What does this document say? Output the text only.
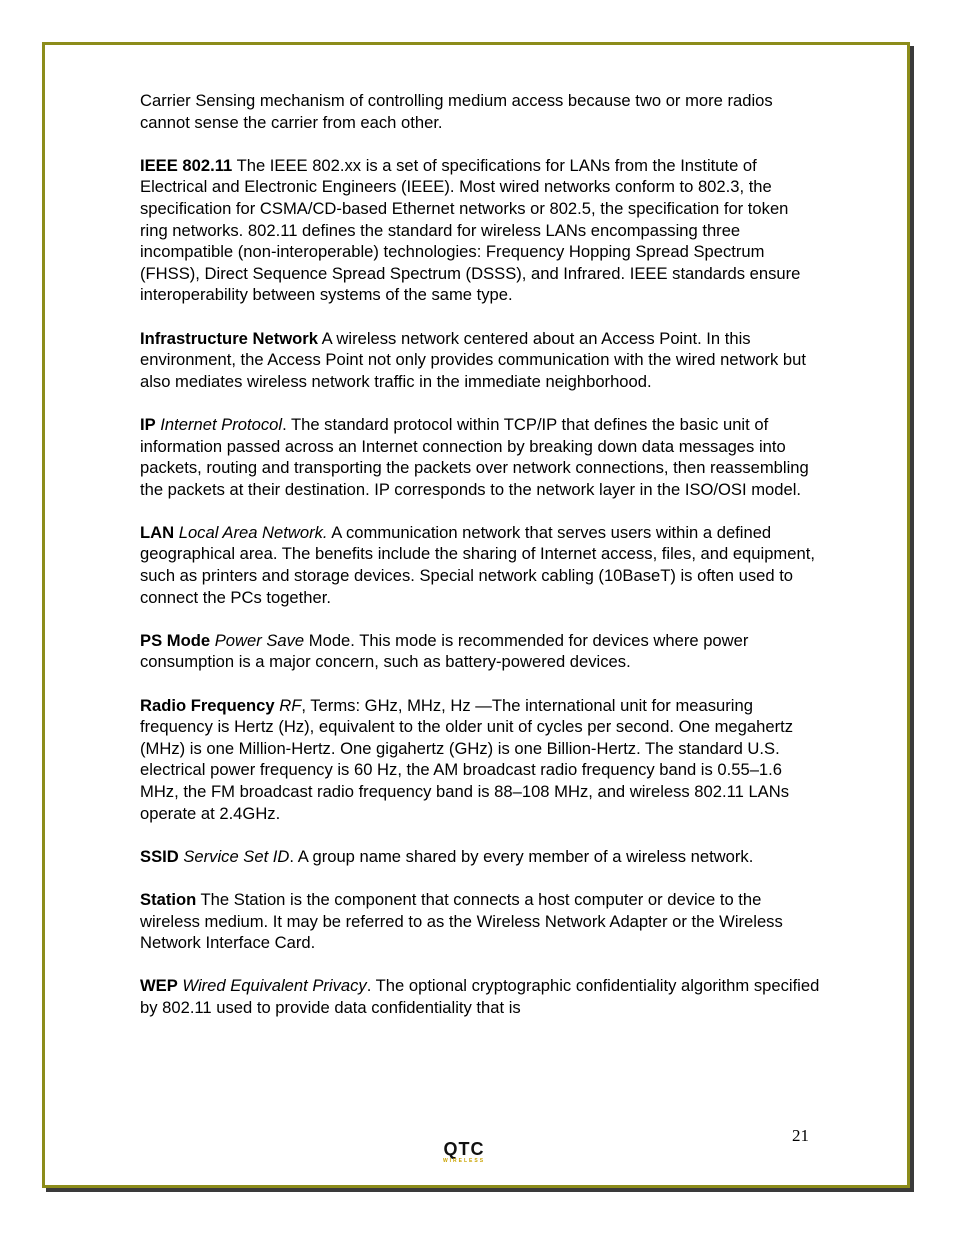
Carrier Sensing mechanism of controlling medium access because two or more radios cannot sense the carrier from each other.

IEEE 802.11 The IEEE 802.xx is a set of specifications for LANs from the Institute of Electrical and Electronic Engineers (IEEE). Most wired networks conform to 802.3, the specification for CSMA/CD-based Ethernet networks or 802.5, the specification for token ring networks. 802.11 defines the standard for wireless LANs encompassing three incompatible (non-interoperable) technologies: Frequency Hopping Spread Spectrum (FHSS), Direct Sequence Spread Spectrum (DSSS), and Infrared. IEEE standards ensure interoperability between systems of the same type.

Infrastructure Network A wireless network centered about an Access Point. In this environment, the Access Point not only provides communication with the wired network but also mediates wireless network traffic in the immediate neighborhood.

IP Internet Protocol. The standard protocol within TCP/IP that defines the basic unit of information passed across an Internet connection by breaking down data messages into packets, routing and transporting the packets over network connections, then reassembling the packets at their destination. IP corresponds to the network layer in the ISO/OSI model.

LAN Local Area Network. A communication network that serves users within a defined geographical area. The benefits include the sharing of Internet access, files, and equipment, such as printers and storage devices. Special network cabling (10BaseT) is often used to connect the PCs together.

PS Mode Power Save Mode. This mode is recommended for devices where power consumption is a major concern, such as battery-powered devices.

Radio Frequency RF, Terms: GHz, MHz, Hz —The international unit for measuring frequency is Hertz (Hz), equivalent to the older unit of cycles per second. One megahertz (MHz) is one Million-Hertz. One gigahertz (GHz) is one Billion-Hertz. The standard U.S. electrical power frequency is 60 Hz, the AM broadcast radio frequency band is 0.55–1.6 MHz, the FM broadcast radio frequency band is 88–108 MHz, and wireless 802.11 LANs operate at 2.4GHz.

SSID Service Set ID. A group name shared by every member of a wireless network.

Station The Station is the component that connects a host computer or device to the wireless medium. It may be referred to as the Wireless Network Adapter or the Wireless Network Interface Card.

WEP Wired Equivalent Privacy. The optional cryptographic confidentiality algorithm specified by 802.11 used to provide data confidentiality that is

21
QTC
WIRELESS
